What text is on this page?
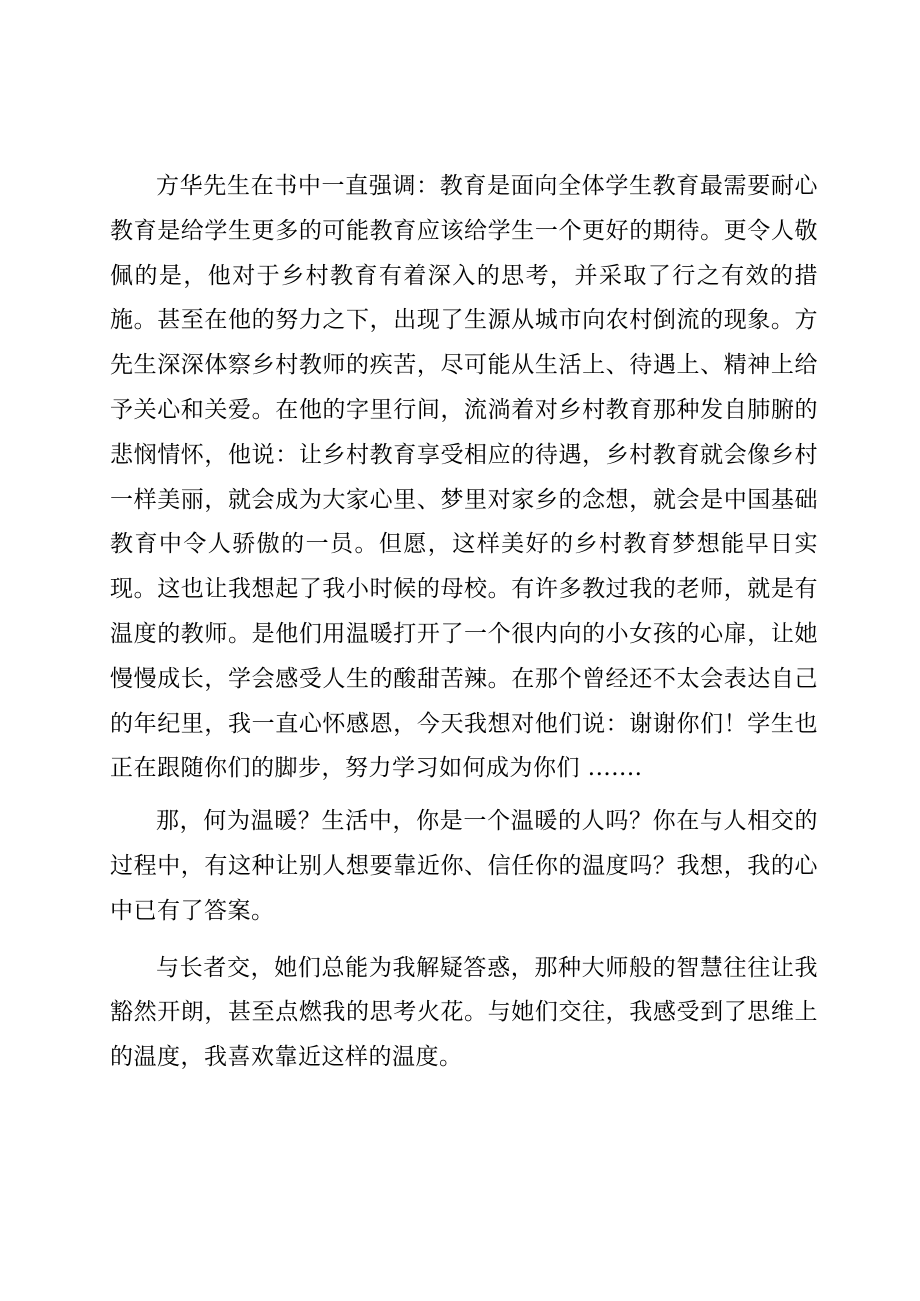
方华先生在书中一直强调：教育是面向全体学生教育最需要耐心教育是给学生更多的可能教育应该给学生一个更好的期待。更令人敬佩的是，他对于乡村教育有着深入的思考，并采取了行之有效的措施。甚至在他的努力之下，出现了生源从城市向农村倒流的现象。方先生深深体察乡村教师的疾苦，尽可能从生活上、待遇上、精神上给予关心和关爱。在他的字里行间，流淌着对乡村教育那种发自肺腑的悲悯情怀，他说：让乡村教育享受相应的待遇，乡村教育就会像乡村一样美丽，就会成为大家心里、梦里对家乡的念想，就会是中国基础教育中令人骄傲的一员。但愿，这样美好的乡村教育梦想能早日实现。这也让我想起了我小时候的母校。有许多教过我的老师，就是有温度的教师。是他们用温暖打开了一个很内向的小女孩的心扉，让她慢慢成长，学会感受人生的酸甜苦辣。在那个曾经还不太会表达自己的年纪里，我一直心怀感恩，今天我想对他们说：谢谢你们！学生也正在跟随你们的脚步，努力学习如何成为你们 .......

那，何为温暖？生活中，你是一个温暖的人吗？你在与人相交的过程中，有这种让别人想要靠近你、信任你的温度吗？我想，我的心中已有了答案。

与长者交，她们总能为我解疑答惑，那种大师般的智慧往往让我豁然开朗，甚至点燃我的思考火花。与她们交往，我感受到了思维上的温度，我喜欢靠近这样的温度。
